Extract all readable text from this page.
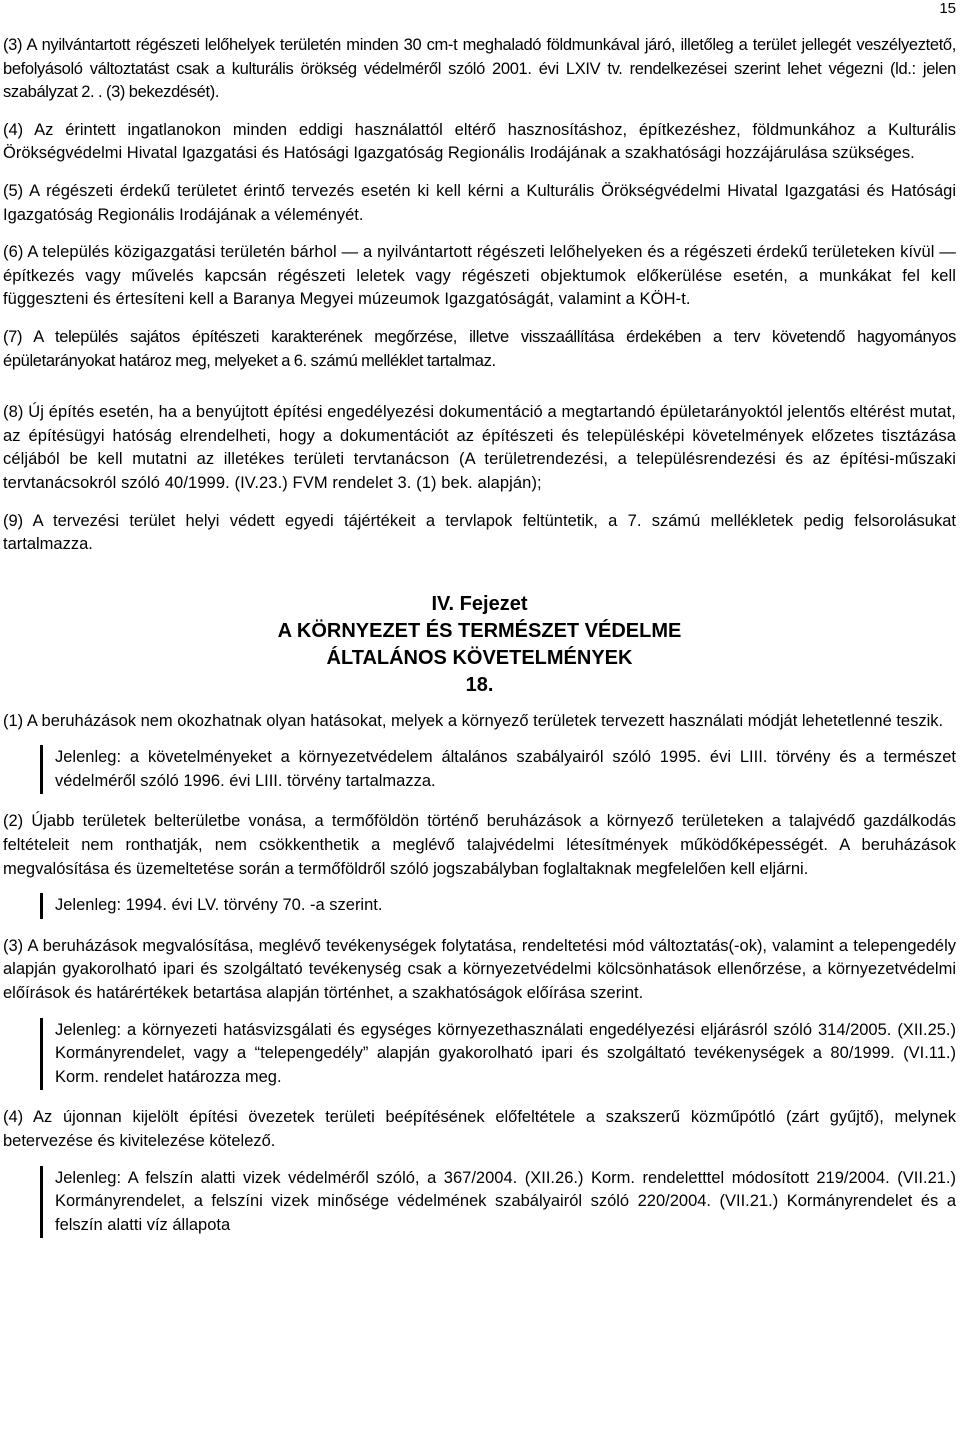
15

(3) A nyilvántartott régészeti lelőhelyek területén minden 30 cm-t meghaladó földmunkával járó, illetőleg a terület jellegét veszélyeztető, befolyásoló változtatást csak a kulturális örökség védelméről szóló 2001. évi LXIV tv. rendelkezései szerint lehet végezni (ld.: jelen szabályzat 2. . (3) bekezdését).

(4) Az érintett ingatlanokon minden eddigi használattól eltérő hasznosításhoz, építkezéshez, földmunkához a Kulturális Örökségvédelmi Hivatal Igazgatási és Hatósági Igazgatóság Regionális Irodájának a szakhatósági hozzájárulása szükséges.

(5) A régészeti érdekű területet érintő tervezés esetén ki kell kérni a Kulturális Örökségvédelmi Hivatal Igazgatási és Hatósági Igazgatóság Regionális Irodájának a véleményét.

(6) A település közigazgatási területén bárhol — a nyilvántartott régészeti lelőhelyeken és a régészeti érdekű területeken kívül — építkezés vagy művelés kapcsán régészeti leletek vagy régészeti objektumok előkerülése esetén, a munkákat fel kell függeszteni és értesíteni kell a Baranya Megyei múzeumok Igazgatóságát, valamint a KÖH-t.

(7) A település sajátos építészeti karakterének megőrzése, illetve visszaállítása érdekében a terv követendő hagyományos épületarányokat határoz meg, melyeket a 6. számú melléklet tartalmaz.

(8) Új építés esetén, ha a benyújtott építési engedélyezési dokumentáció a megtartandó épületarányoktól jelentős eltérést mutat, az építésügyi hatóság elrendelheti, hogy a dokumentációt az építészeti és településképi követelmények előzetes tisztázása céljából be kell mutatni az illetékes területi tervtanácson (A területrendezési, a településrendezési és az építési-műszaki tervtanácsokról szóló 40/1999. (IV.23.) FVM rendelet 3. (1) bek. alapján);

(9) A tervezési terület helyi védett egyedi tájértékeit a tervlapok feltüntetik, a 7. számú mellékletek pedig felsorolásukat tartalmazza.

IV. Fejezet
A KÖRNYEZET ÉS TERMÉSZET VÉDELME
ÁLTALÁNOS KÖVETELMÉNYEK
18.

(1) A beruházások nem okozhatnak olyan hatásokat, melyek a környező területek tervezett használati módját lehetetlenné teszik.

Jelenleg: a követelményeket a környezetvédelem általános szabályairól szóló 1995. évi LIII. törvény és a természet védelméről szóló 1996. évi LIII. törvény tartalmazza.

(2) Újabb területek belterületbe vonása, a termőföldön történő beruházások a környező területeken a talajvédő gazdálkodás feltételeit nem ronthatják, nem csökkenthetik a meglévő talajvédelmi létesítmények működőképességét. A beruházások megvalósítása és üzemeltetése során a termőföldről szóló jogszabályban foglaltaknak megfelelően kell eljárni.

Jelenleg: 1994. évi LV. törvény 70. -a szerint.

(3) A beruházások megvalósítása, meglévő tevékenységek folytatása, rendeltetési mód változtatás(-ok), valamint a telepengedély alapján gyakorolható ipari és szolgáltató tevékenység csak a környezetvédelmi kölcsönhatások ellenőrzése, a környezetvédelmi előírások és határértékek betartása alapján történhet, a szakhatóságok előírása szerint.

Jelenleg: a környezeti hatásvizsgálati és egységes környezethasználati engedélyezési eljárásról szóló 314/2005. (XII.25.) Kormányrendelet, vagy a “telepengedély” alapján gyakorolható ipari és szolgáltató tevékenységek a 80/1999. (VI.11.) Korm. rendelet határozza meg.

(4) Az újonnan kijelölt építési övezetek területi beépítésének előfeltétele a szakszerű közműpótló (zárt gyűjtő), melynek betervezése és kivitelezése kötelező.

Jelenleg: A felszín alatti vizek védelméről szóló, a 367/2004. (XII.26.) Korm. rendeletttel módosított 219/2004. (VII.21.) Kormányrendelet, a felszíni vizek minősége védelmének szabályairól szóló 220/2004. (VII.21.) Kormányrendelet és a felszín alatti víz állapota
